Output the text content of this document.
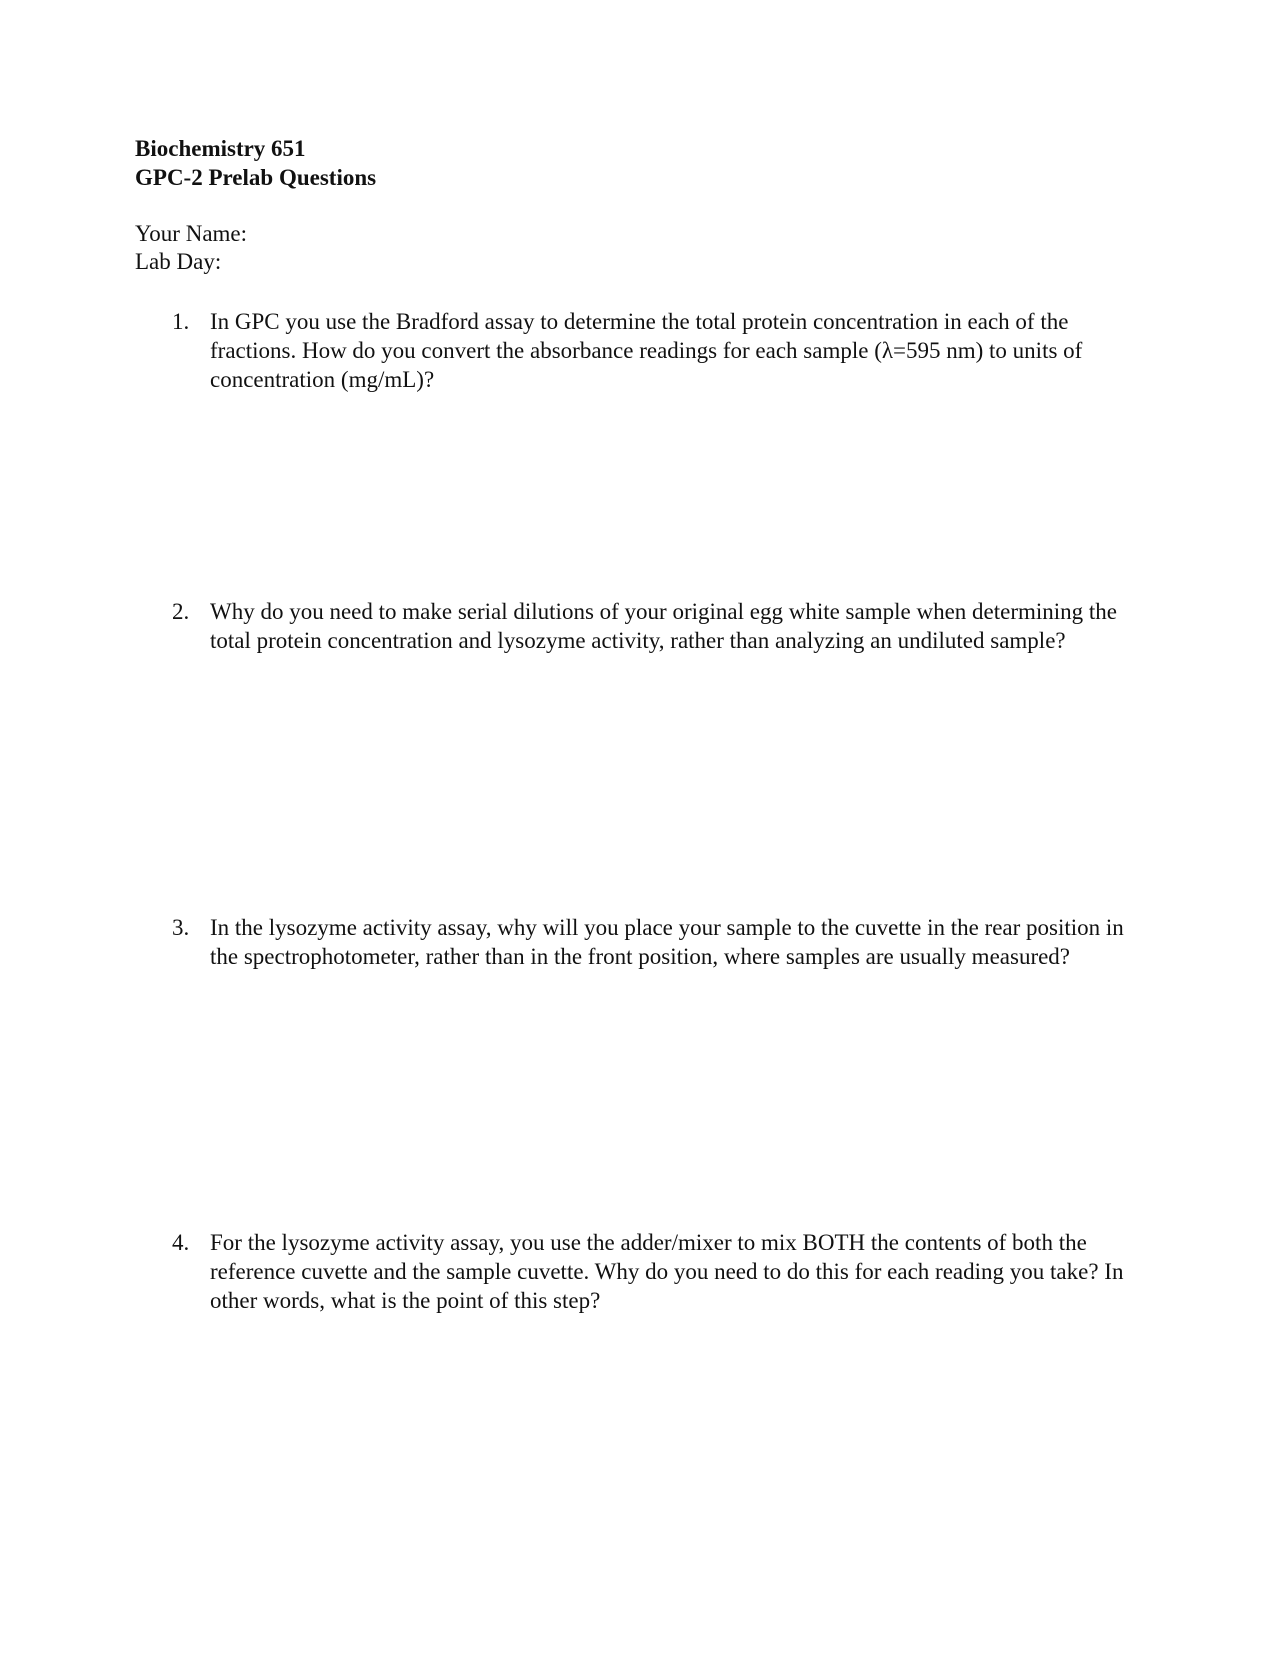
Biochemistry 651
GPC-2 Prelab Questions
Your Name:
Lab Day:
1. In GPC you use the Bradford assay to determine the total protein concentration in each of the fractions. How do you convert the absorbance readings for each sample (λ=595 nm) to units of concentration (mg/mL)?
2. Why do you need to make serial dilutions of your original egg white sample when determining the total protein concentration and lysozyme activity, rather than analyzing an undiluted sample?
3. In the lysozyme activity assay, why will you place your sample to the cuvette in the rear position in the spectrophotometer, rather than in the front position, where samples are usually measured?
4. For the lysozyme activity assay, you use the adder/mixer to mix BOTH the contents of both the reference cuvette and the sample cuvette. Why do you need to do this for each reading you take? In other words, what is the point of this step?
